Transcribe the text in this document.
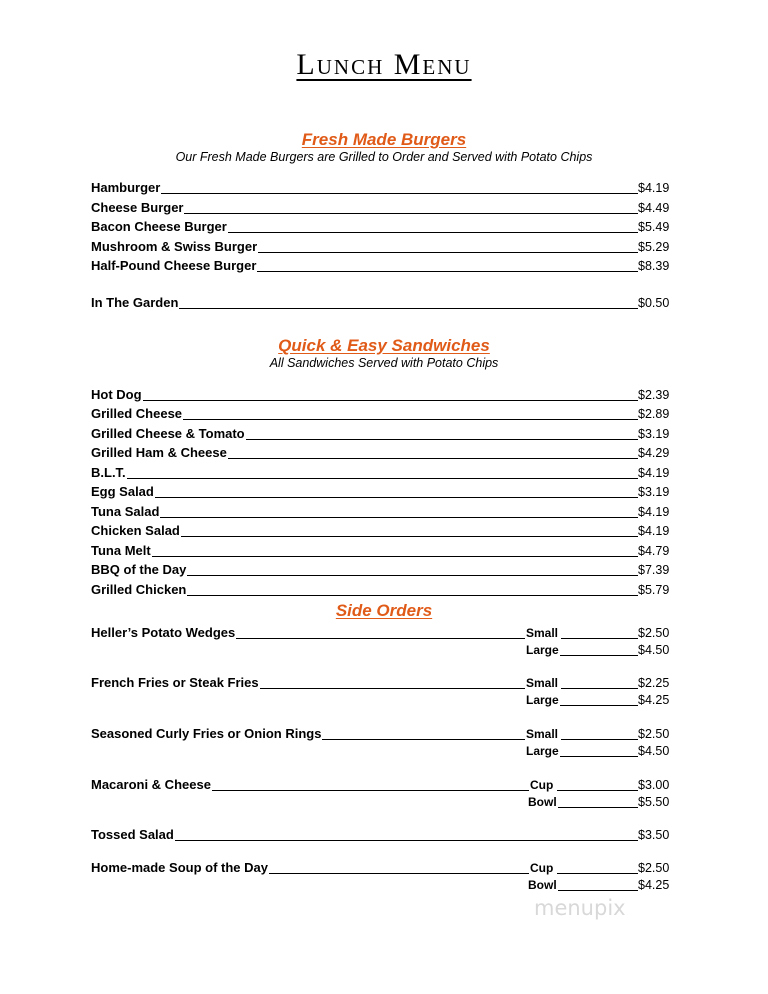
Lunch Menu
Fresh Made Burgers
Our Fresh Made Burgers are Grilled to Order and Served with Potato Chips
Hamburger	$4.19
Cheese Burger	$4.49
Bacon Cheese Burger	$5.49
Mushroom & Swiss Burger	$5.29
Half-Pound Cheese Burger	$8.39
In The Garden	$0.50
Quick & Easy Sandwiches
All Sandwiches Served with Potato Chips
Hot Dog	$2.39
Grilled Cheese	$2.89
Grilled Cheese & Tomato	$3.19
Grilled Ham & Cheese	$4.29
B.L.T.	$4.19
Egg Salad	$3.19
Tuna Salad	$4.19
Chicken Salad	$4.19
Tuna Melt	$4.79
BBQ of the Day	$7.39
Grilled Chicken	$5.79
Side Orders
Heller’s Potato Wedges	Small	$2.50
Large	$4.50
French Fries or Steak Fries	Small	$2.25
Large	$4.25
Seasoned Curly Fries or Onion Rings	Small	$2.50
Large	$4.50
Macaroni & Cheese	Cup	$3.00
Bowl	$5.50
Tossed Salad	$3.50
Home-made Soup of the Day	Cup	$2.50
Bowl	$4.25
menupix
